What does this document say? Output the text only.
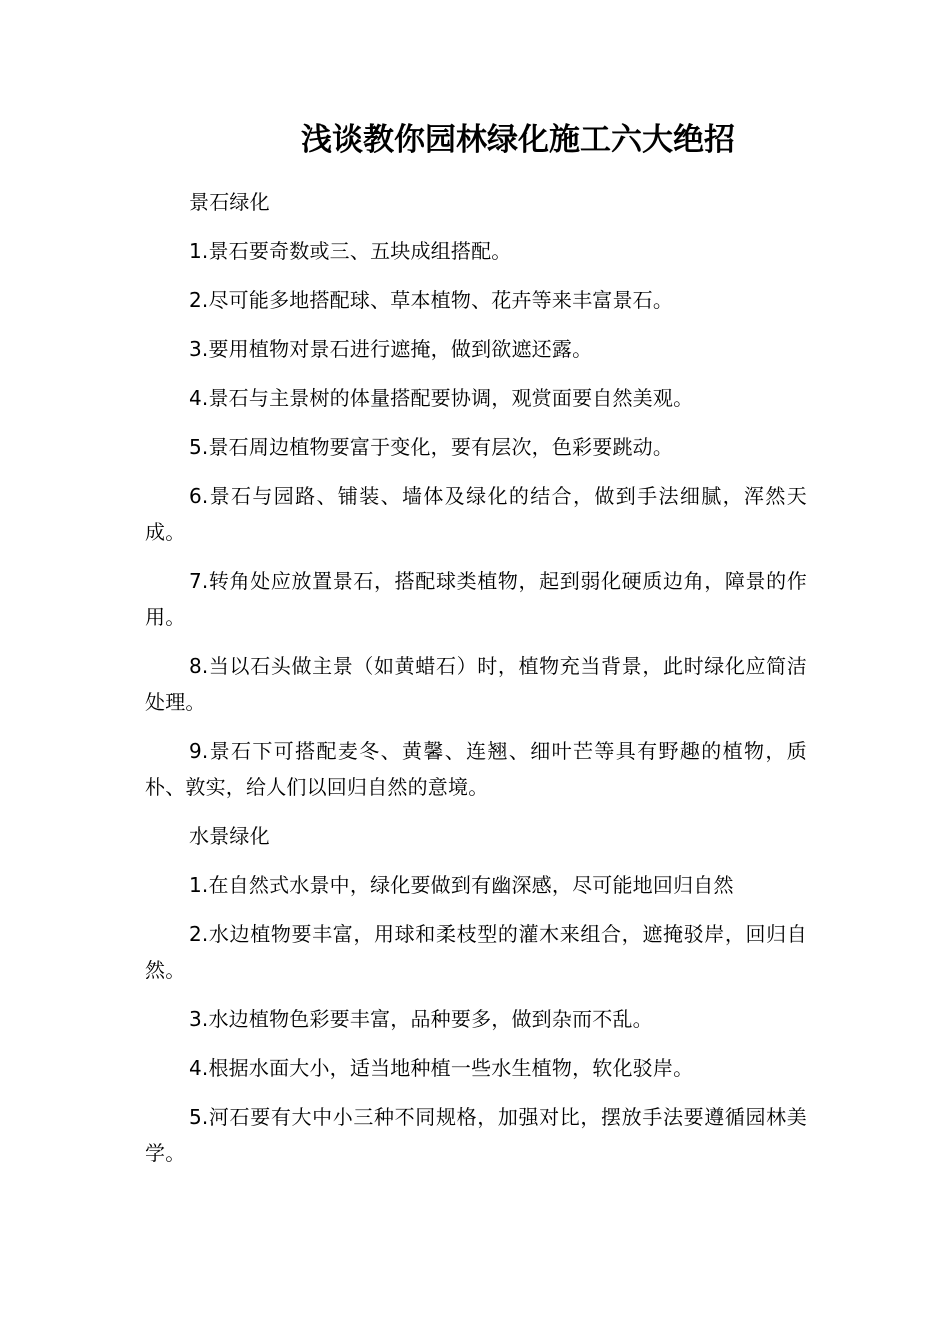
浅谈教你园林绿化施工六大绝招

景石绿化

1.景石要奇数或三、五块成组搭配。

2.尽可能多地搭配球、草本植物、花卉等来丰富景石。

3.要用植物对景石进行遮掩，做到欲遮还露。

4.景石与主景树的体量搭配要协调，观赏面要自然美观。

5.景石周边植物要富于变化，要有层次，色彩要跳动。

6.景石与园路、铺装、墙体及绿化的结合，做到手法细腻，浑然天成。

7.转角处应放置景石，搭配球类植物，起到弱化硬质边角，障景的作用。

8.当以石头做主景（如黄蜡石）时，植物充当背景，此时绿化应简洁处理。

9.景石下可搭配麦冬、黄馨、连翘、细叶芒等具有野趣的植物，质朴、敦实，给人们以回归自然的意境。

水景绿化

1.在自然式水景中，绿化要做到有幽深感，尽可能地回归自然

2.水边植物要丰富，用球和柔枝型的灌木来组合，遮掩驳岸，回归自然。

3.水边植物色彩要丰富，品种要多，做到杂而不乱。

4.根据水面大小，适当地种植一些水生植物，软化驳岸。

5.河石要有大中小三种不同规格，加强对比，摆放手法要遵循园林美学。
